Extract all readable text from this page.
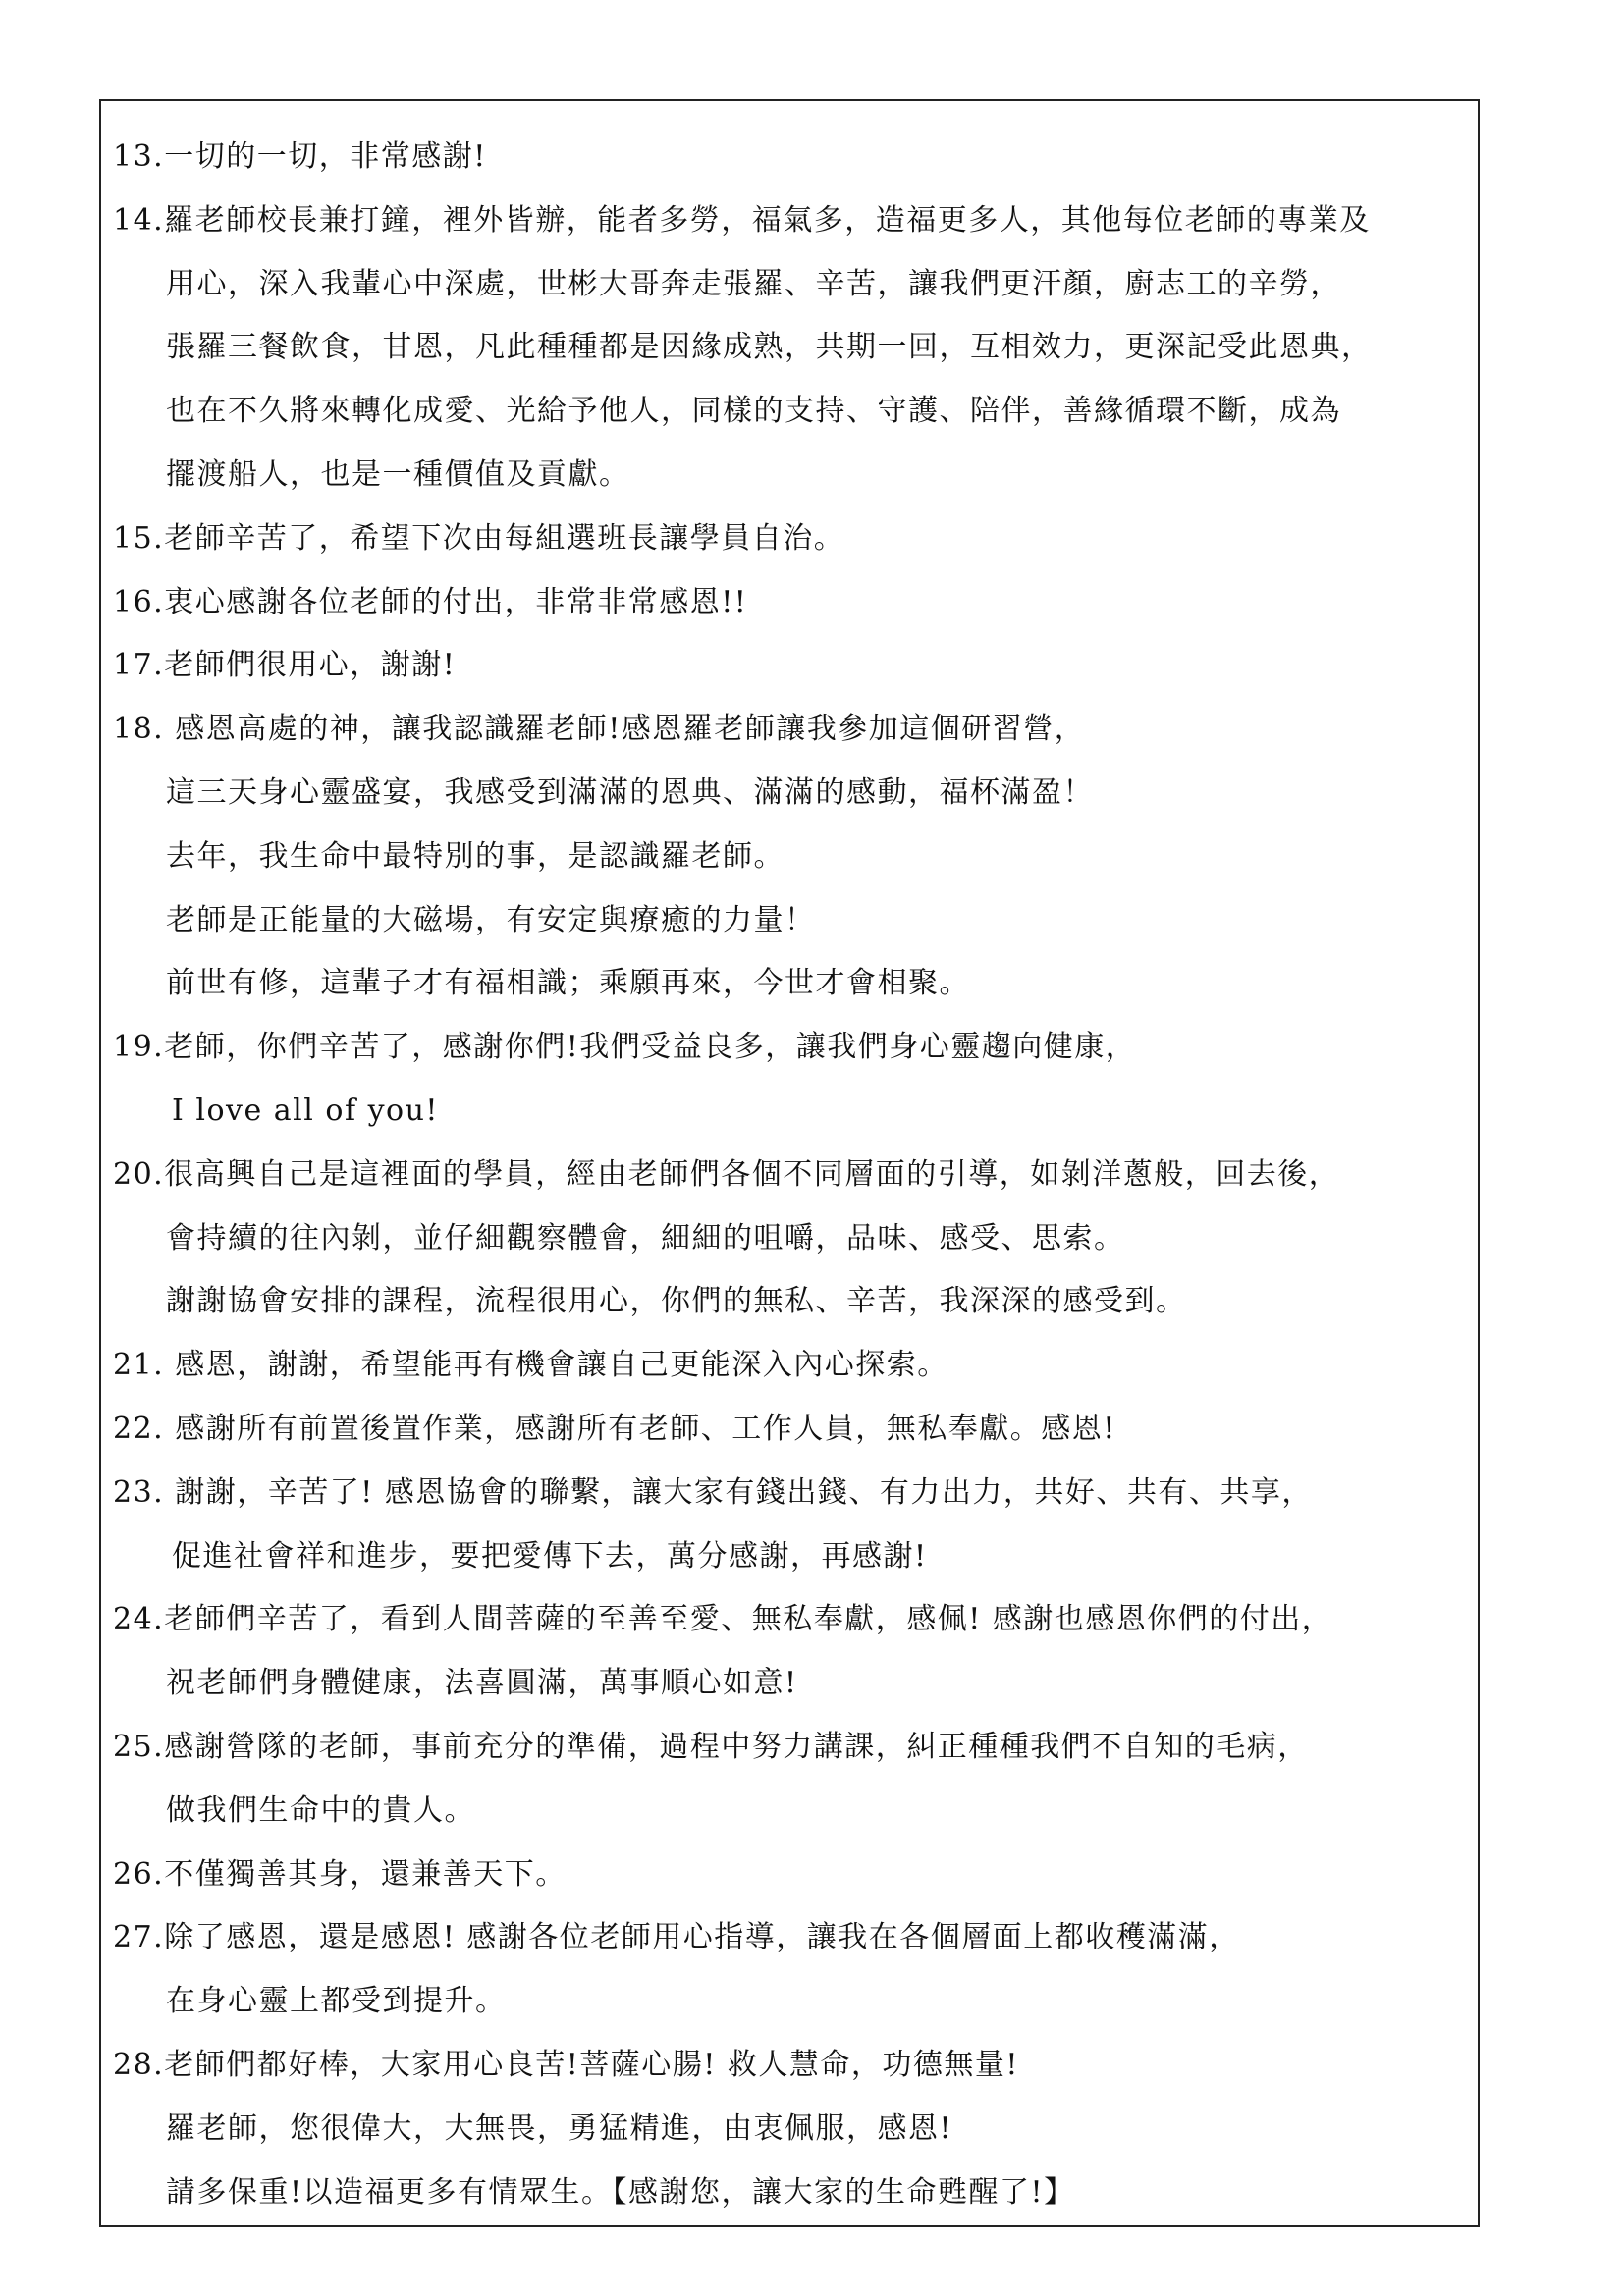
13.一切的一切，非常感謝!
14.羅老師校長兼打鐘，裡外皆辦，能者多勞，福氣多，造福更多人，其他每位老師的專業及
用心，深入我輩心中深處，世彬大哥奔走張羅、辛苦，讓我們更汗顏，廚志工的辛勞，
張羅三餐飲食，甘恩，凡此種種都是因緣成熟，共期一回，互相效力，更深記受此恩典，
也在不久將來轉化成愛、光給予他人，同樣的支持、守護、陪伴，善緣循環不斷，成為
擺渡船人，也是一種價值及貢獻。
15.老師辛苦了，希望下次由每組選班長讓學員自治。
16.衷心感謝各位老師的付出，非常非常感恩!!
17.老師們很用心，謝謝!
18. 感恩高處的神，讓我認識羅老師!感恩羅老師讓我參加這個研習營，
這三天身心靈盛宴，我感受到滿滿的恩典、滿滿的感動，福杯滿盈！
去年，我生命中最特別的事，是認識羅老師。
老師是正能量的大磁場，有安定與療癒的力量！
前世有修，這輩子才有福相識；乘願再來，今世才會相聚。
19.老師，你們辛苦了，感謝你們!我們受益良多，讓我們身心靈趨向健康，
I love all of you!
20.很高興自己是這裡面的學員，經由老師們各個不同層面的引導，如剝洋蔥般，回去後，
會持續的往內剝，並仔細觀察體會，細細的咀嚼，品味、感受、思索。
謝謝協會安排的課程，流程很用心，你們的無私、辛苦，我深深的感受到。
21. 感恩，謝謝，希望能再有機會讓自己更能深入內心探索。
22. 感謝所有前置後置作業，感謝所有老師、工作人員，無私奉獻。感恩!
23. 謝謝，辛苦了! 感恩協會的聯繫，讓大家有錢出錢、有力出力，共好、共有、共享，
促進社會祥和進步，要把愛傳下去，萬分感謝，再感謝!
24.老師們辛苦了，看到人間菩薩的至善至愛、無私奉獻，感佩! 感謝也感恩你們的付出，
祝老師們身體健康，法喜圓滿，萬事順心如意!
25.感謝營隊的老師，事前充分的準備，過程中努力講課，糾正種種我們不自知的毛病，
做我們生命中的貴人。
26.不僅獨善其身，還兼善天下。
27.除了感恩，還是感恩! 感謝各位老師用心指導，讓我在各個層面上都收穫滿滿，
在身心靈上都受到提升。
28.老師們都好棒，大家用心良苦!菩薩心腸! 救人慧命，功德無量!
羅老師，您很偉大，大無畏，勇猛精進，由衷佩服，感恩!
請多保重!以造福更多有情眾生。【感謝您，讓大家的生命甦醒了!】
